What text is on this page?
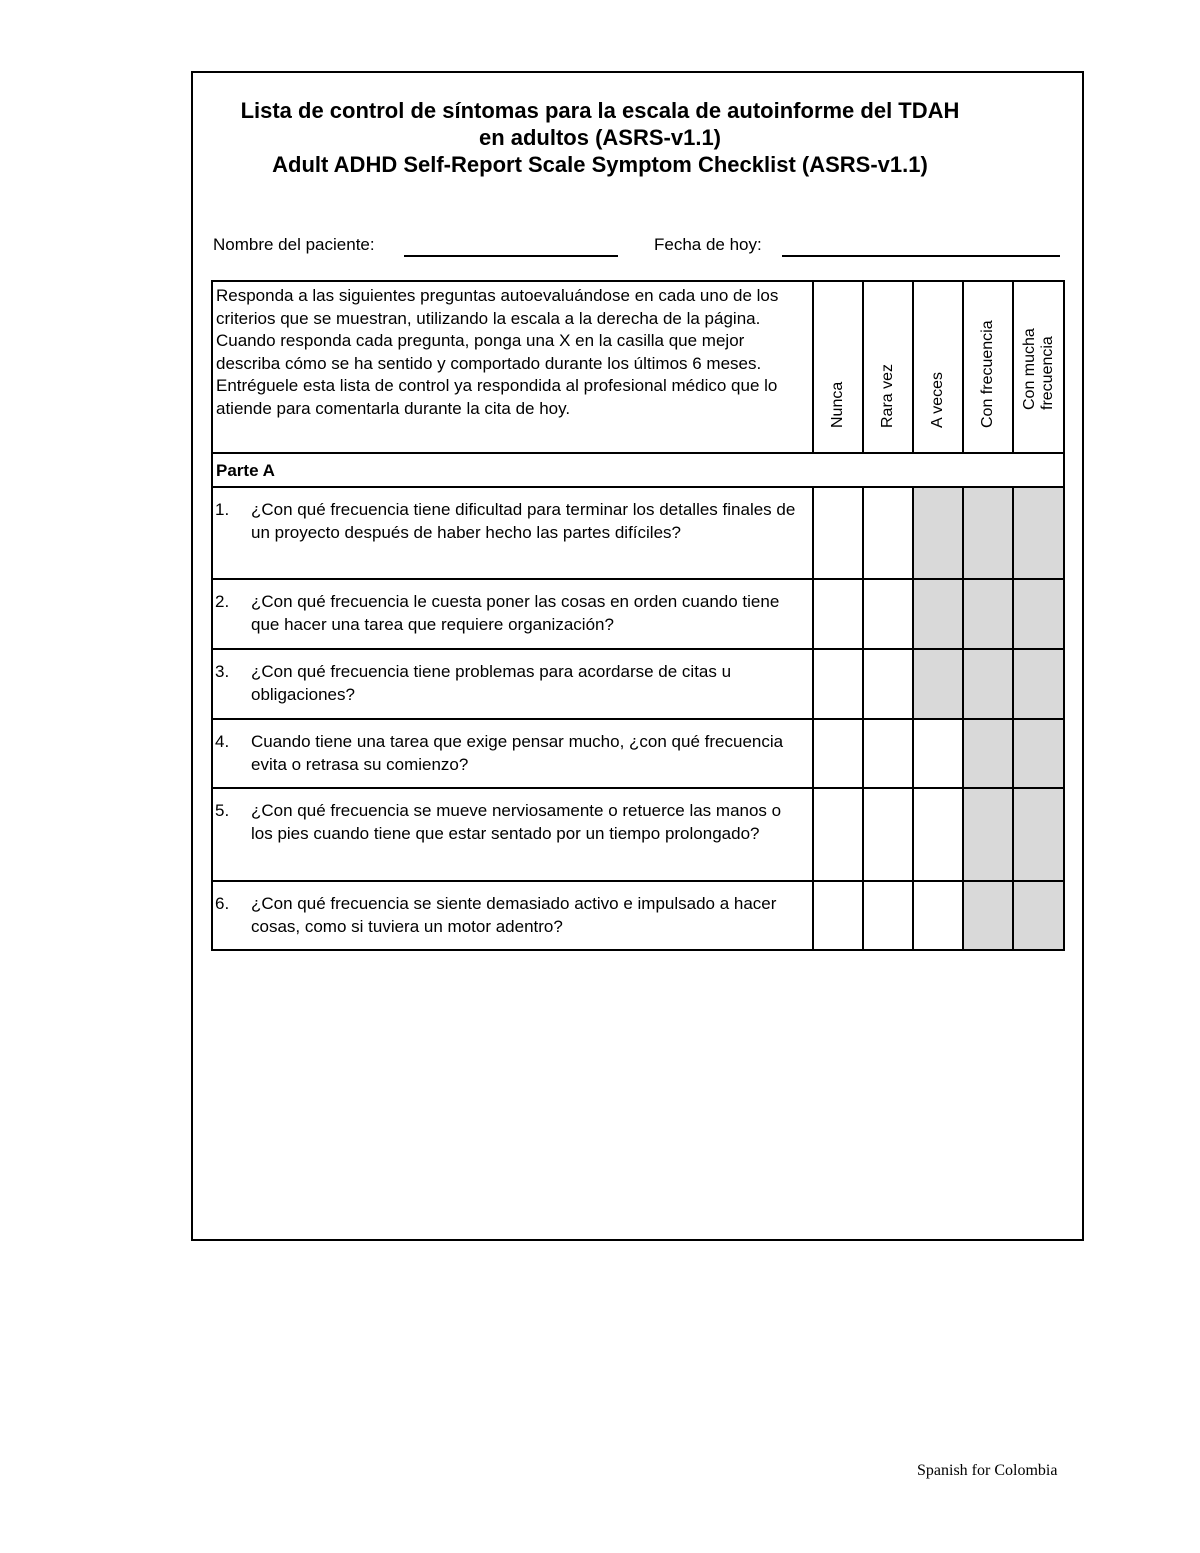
Lista de control de síntomas para la escala de autoinforme del TDAH
en adultos (ASRS-v1.1)
Adult ADHD Self-Report Scale Symptom Checklist (ASRS-v1.1)
Nombre del paciente:	Fecha de hoy:
Responda a las siguientes preguntas autoevaluándose en cada uno de los criterios que se muestran, utilizando la escala a la derecha de la página. Cuando responda cada pregunta, ponga una X en la casilla que mejor describa cómo se ha sentido y comportado durante los últimos 6 meses. Entréguele esta lista de control ya respondida al profesional médico que lo atiende para comentarla durante la cita de hoy.	Nunca	Rara vez	A veces	Con frecuencia	Con mucha frecuencia

Parte A					
1. ¿Con qué frecuencia tiene dificultad para terminar los detalles finales de un proyecto después de haber hecho las partes difíciles?					
2. ¿Con qué frecuencia le cuesta poner las cosas en orden cuando tiene que hacer una tarea que requiere organización?					
3. ¿Con qué frecuencia tiene problemas para acordarse de citas u obligaciones?					
4. Cuando tiene una tarea que exige pensar mucho, ¿con qué frecuencia evita o retrasa su comienzo?					
5. ¿Con qué frecuencia se mueve nerviosamente o retuerce las manos o los pies cuando tiene que estar sentado por un tiempo prolongado?					
6. ¿Con qué frecuencia se siente demasiado activo e impulsado a hacer cosas, como si tuviera un motor adentro?					
Spanish for Colombia
